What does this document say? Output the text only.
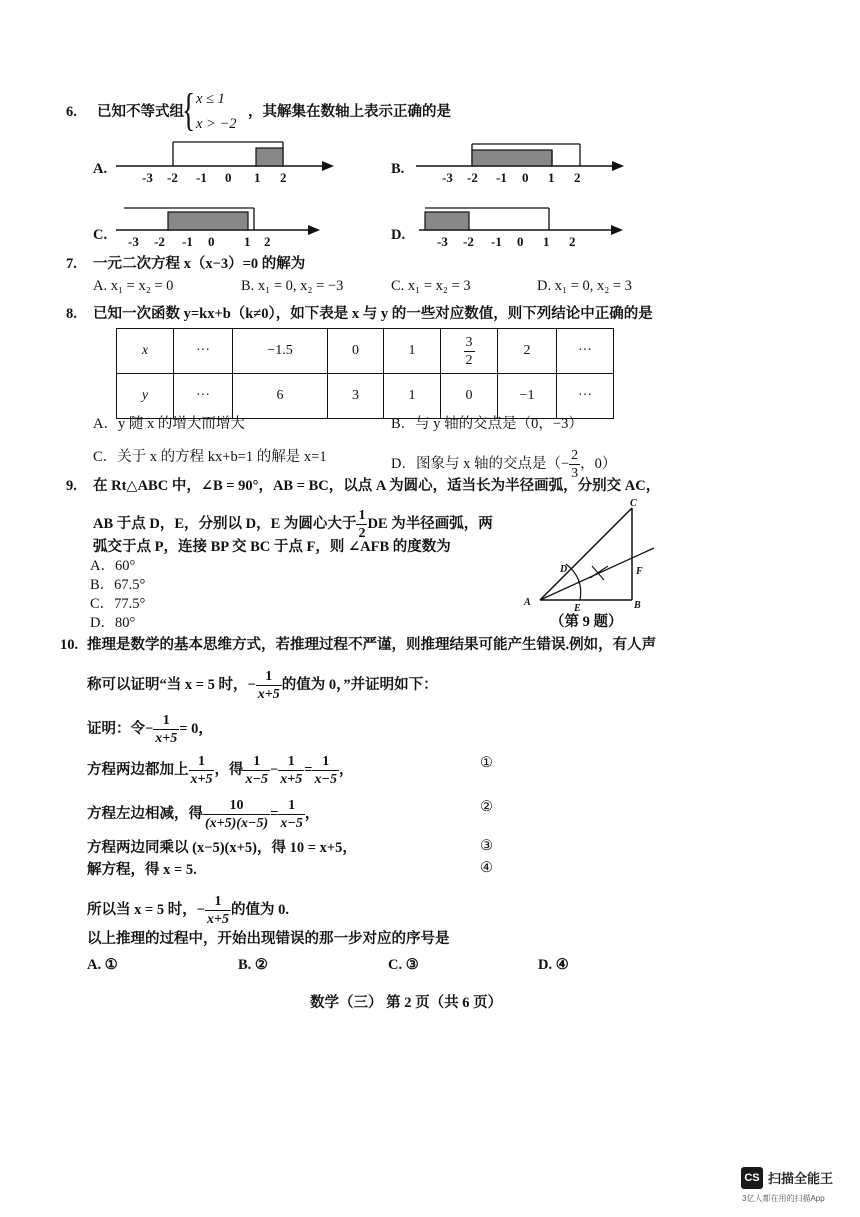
6. 已知不等式组
{ x ≤ 1
x > −2
，其解集在数轴上表示正确的是
A.	B.
C.	D.
-3 -2 -1 0 1 2	-3 -2 -1 0 1 2
-3 -2 -1 0 1 2	-3 -2 -1 0 1 2
7. 一元二次方程 x（x−3）=0 的解为
A. x₁ = x₂ = 0	B. x₁ = 0, x₂ = −3	C. x₁ = x₂ = 3	D. x₁ = 0, x₂ = 3
8. 已知一次函数 y=kx+b（k≠0），如下表是 x 与 y 的一些对应数值，则下列结论中正确的是
x	···	−1.5	0	1	$\frac{3}{2}$	2	···
y	···	6	3	1	0	−1	···
A．y 随 x 的增大而增大	B．与 y 轴的交点是（0，−3）
C．关于 x 的方程 kx+b=1 的解是 x=1	D．图象与 x 轴的交点是（− $\frac{2}{3}$ ，0）
9. 在 Rt△ABC 中，∠B = 90°，AB = BC，以点 A 为圆心，适当长为半径画弧，分别交 AC，
AB 于点 D，E，分别以 D，E 为圆心大于 $\frac{1}{2}$ DE 为半径画弧，两
弧交于点 P，连接 BP 交 BC 于点 F，则 ∠AFB 的度数为
A．60°
B．67.5°
C．77.5°
D．80°
A	B
C
D
E
F
（第 9 题）
10. 推理是数学的基本思维方式，若推理过程不严谨，则推理结果可能产生错误.例如，有人声
称可以证明“当 x = 5 时，− $\frac{1}{x+5}$ 的值为 0，”并证明如下：
证明：令− $\frac{1}{x+5} = 0$，
方程两边都加上 $\frac{1}{x+5}$ ，得 $\frac{1}{x-5} - \frac{1}{x+5} = \frac{1}{x-5}$ ，	①
方程左边相减，得 $\frac{10}{(x+5)(x-5)} = \frac{1}{x-5}$ ，	②
方程两边同乘以 (x−5)(x+5)，得 10 = x+5，	③
解方程，得 x = 5.	④
所以当 x = 5 时，− $\frac{1}{x+5}$ 的值为 0.
以上推理的过程中，开始出现错误的那一步对应的序号是
A. ①	B. ②	C. ③	D. ④
数学（三） 第 2 页（共 6 页）
CS 扫描全能王
3亿人都在用的扫描App
